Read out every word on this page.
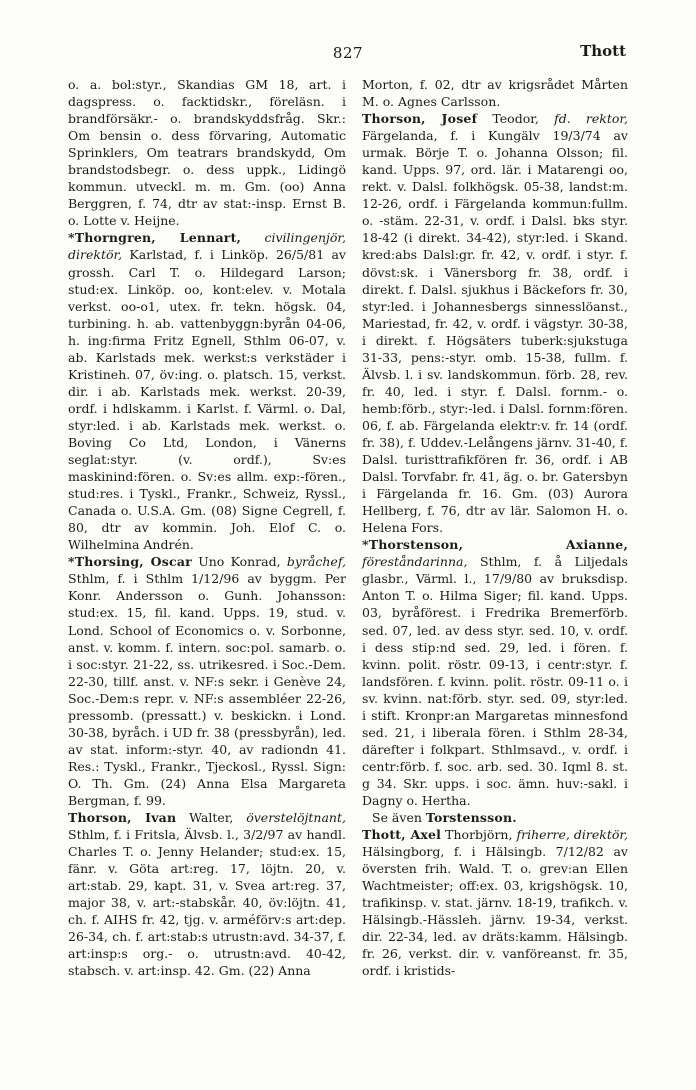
827	Thott

o. a. bol:styr., Skandias GM 18, art. i dagspress. o. facktidskr., föreläsn. i brandförsäkr.- o. brandskyddsfråg. Skr.: Om bensin o. dess förvaring, Automatic Sprinklers, Om teatrars brandskydd, Om brandstodsbegr. o. dess uppk., Lidingö kommun. utveckl. m. m. Gm. (oo) Anna Berggren, f. 74, dtr av stat:-insp. Ernst B. o. Lotte v. Heijne.

*Thorngren, Lennart, civilingenjör, direktör, Karlstad, f. i Linköp. 26/5/81 av grossh. Carl T. o. Hildegard Larson; stud:ex. Linköp. oo, kont:elev. v. Motala verkst. oo-o1, utex. fr. tekn. högsk. 04, turbining. h. ab. vattenbyggn:byrån 04-06, h. ing:firma Fritz Egnell, Sthlm 06-07, v. ab. Karlstads mek. werkst:s verkstäder i Kristineh. 07, öv:ing. o. platsch. 15, verkst. dir. i ab. Karlstads mek. werkst. 20-39, ordf. i hdlskamm. i Karlst. f. Värml. o. Dal, styr:led. i ab. Karlstads mek. werkst. o. Boving Co Ltd, London, i Vänerns seglat:styr. (v. ordf.), Sv:es maskinind:fören. o. Sv:es allm. exp:-fören., stud:res. i Tyskl., Frankr., Schweiz, Ryssl., Canada o. U.S.A. Gm. (08) Signe Cegrell, f. 80, dtr av kommin. Joh. Elof C. o. Wilhelmina Andrén.

*Thorsing, Oscar Uno Konrad, byråchef, Sthlm, f. i Sthlm 1/12/96 av byggm. Per Konr. Andersson o. Gunh. Johansson: stud:ex. 15, fil. kand. Upps. 19, stud. v. Lond. School of Economics o. v. Sorbonne, anst. v. komm. f. intern. soc:pol. samarb. o. i soc:styr. 21-22, ss. utrikesred. i Soc.-Dem. 22-30, tillf. anst. v. NF:s sekr. i Genève 24, Soc.-Dem:s repr. v. NF:s assembléer 22-26, pressomb. (pressatt.) v. beskickn. i Lond. 30-38, byråch. i UD fr. 38 (pressbyrån), led. av stat. inform:-styr. 40, av radiondn 41. Res.: Tyskl., Frankr., Tjeckosl., Ryssl. Sign: O. Th. Gm. (24) Anna Elsa Margareta Bergman, f. 99.

Thorson, Ivan Walter, överstelöjtnant, Sthlm, f. i Fritsla, Älvsb. l., 3/2/97 av handl. Charles T. o. Jenny Helander; stud:ex. 15, fänr. v. Göta art:reg. 17, löjtn. 20, v. art:stab. 29, kapt. 31, v. Svea art:reg. 37, major 38, v. art:-stabskår. 40, öv:löjtn. 41, ch. f. AIHS fr. 42, tjg. v. arméförv:s art:dep. 26-34, ch. f. art:stab:s utrustn:avd. 34-37, f. art:insp:s org.- o. utrustn:avd. 40-42, stabsch. v. art:insp. 42. Gm. (22) Anna

Morton, f. 02, dtr av krigsrådet Mårten M. o. Agnes Carlsson.

Thorson, Josef Teodor, fd. rektor, Färgelanda, f. i Kungälv 19/3/74 av urmak. Börje T. o. Johanna Olsson; fil. kand. Upps. 97, ord. lär. i Matarengi oo, rekt. v. Dalsl. folkhögsk. 05-38, landst:m. 12-26, ordf. i Färgelanda kommun:fullm. o. -stäm. 22-31, v. ordf. i Dalsl. bks styr. 18-42 (i direkt. 34-42), styr:led. i Skand. kred:abs Dalsl:gr. fr. 42, v. ordf. i styr. f. dövst:sk. i Vänersborg fr. 38, ordf. i direkt. f. Dalsl. sjukhus i Bäckefors fr. 30, styr:led. i Johannesbergs sinnesslöanst., Mariestad, fr. 42, v. ordf. i vägstyr. 30-38, i direkt. f. Högsäters tuberk:sjukstuga 31-33, pens:-styr. omb. 15-38, fullm. f. Älvsb. l. i sv. landskommun. förb. 28, rev. fr. 40, led. i styr. f. Dalsl. fornm.- o. hemb:förb., styr:-led. i Dalsl. fornm:fören. 06, f. ab. Färgelanda elektr:v. fr. 14 (ordf. fr. 38), f. Uddev.-Lelångens järnv. 31-40, f. Dalsl. turisttrafikfören fr. 36, ordf. i AB Dalsl. Torvfabr. fr. 41, äg. o. br. Gatersbyn i Färgelanda fr. 16. Gm. (03) Aurora Hellberg, f. 76, dtr av lär. Salomon H. o. Helena Fors.

*Thorstenson, Axianne, föreståndarinna, Sthlm, f. å Liljedals glasbr., Värml. l., 17/9/80 av bruksdisp. Anton T. o. Hilma Siger; fil. kand. Upps. 03, byråförest. i Fredrika Bremerförb. sed. 07, led. av dess styr. sed. 10, v. ordf. i dess stip:nd sed. 29, led. i fören. f. kvinn. polit. röstr. 09-13, i centr:styr. f. landsfören. f. kvinn. polit. röstr. 09-11 o. i sv. kvinn. nat:förb. styr. sed. 09, styr:led. i stift. Kronpr:an Margaretas minnesfond sed. 21, i liberala fören. i Sthlm 28-34, därefter i folkpart. Sthlmsavd., v. ordf. i centr:förb. f. soc. arb. sed. 30. Iqml 8. st. g 34. Skr. upps. i soc. ämn. huv:-sakl. i Dagny o. Hertha.

Se även Torstensson.

Thott, Axel Thorbjörn, friherre, direktör, Hälsingborg, f. i Hälsingb. 7/12/82 av översten frih. Wald. T. o. grev:an Ellen Wachtmeister; off:ex. 03, krigshögsk. 10, trafikinsp. v. stat. järnv. 18-19, trafikch. v. Hälsingb.-Hässleh. järnv. 19-34, verkst. dir. 22-34, led. av dräts:kamm. Hälsingb. fr. 26, verkst. dir. v. vanföreanst. fr. 35, ordf. i kristids-
